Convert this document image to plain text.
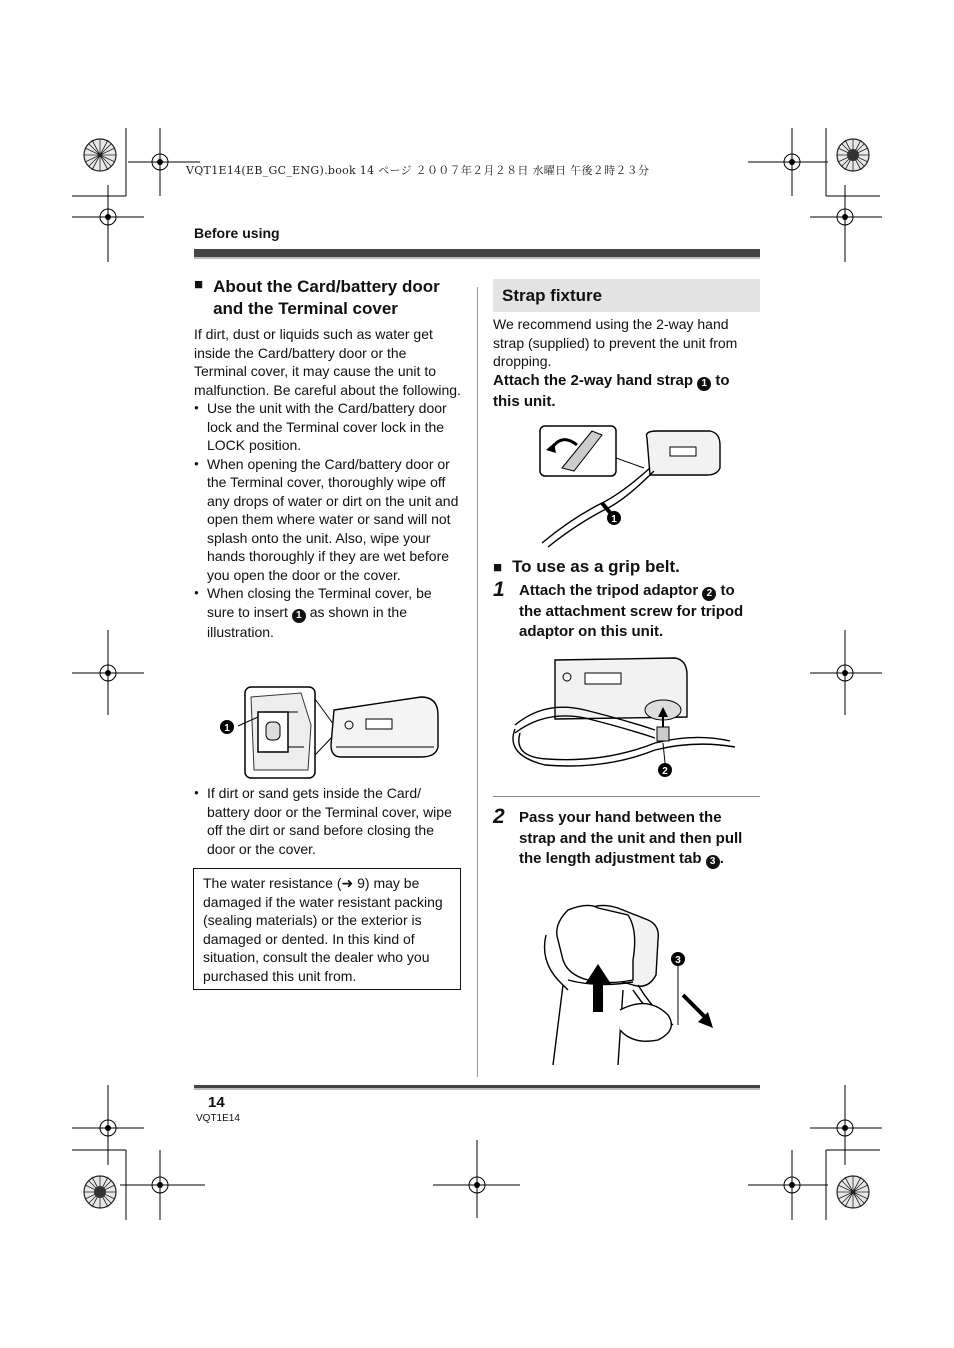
VQT1E14(EB_GC_ENG).book 14 ページ ２００７年２月２８日 水曜日 午後２時２３分
Before using
■ About the Card/battery door and the Terminal cover
If dirt, dust or liquids such as water get inside the Card/battery door or the Terminal cover, it may cause the unit to malfunction. Be careful about the following.
● Use the unit with the Card/battery door lock and the Terminal cover lock in the LOCK position.
● When opening the Card/battery door or the Terminal cover, thoroughly wipe off any drops of water or dirt on the unit and open them where water or sand will not splash onto the unit. Also, wipe your hands thoroughly if they are wet before you open the door or the cover.
● When closing the Terminal cover, be sure to insert 1 as shown in the illustration.
1
● If dirt or sand gets inside the Card/ battery door or the Terminal cover, wipe off the dirt or sand before closing the door or the cover.
The water resistance (➜ 9) may be damaged if the water resistant packing (sealing materials) or the exterior is damaged or dented. In this kind of situation, consult the dealer who you purchased this unit from.
Strap fixture
We recommend using the 2-way hand strap (supplied) to prevent the unit from dropping.
Attach the 2-way hand strap 1 to this unit.
1
■ To use as a grip belt.
1 Attach the tripod adaptor 2 to the attachment screw for tripod adaptor on this unit.
2
2 Pass your hand between the strap and the unit and then pull the length adjustment tab 3 .
3
14
VQT1E14
